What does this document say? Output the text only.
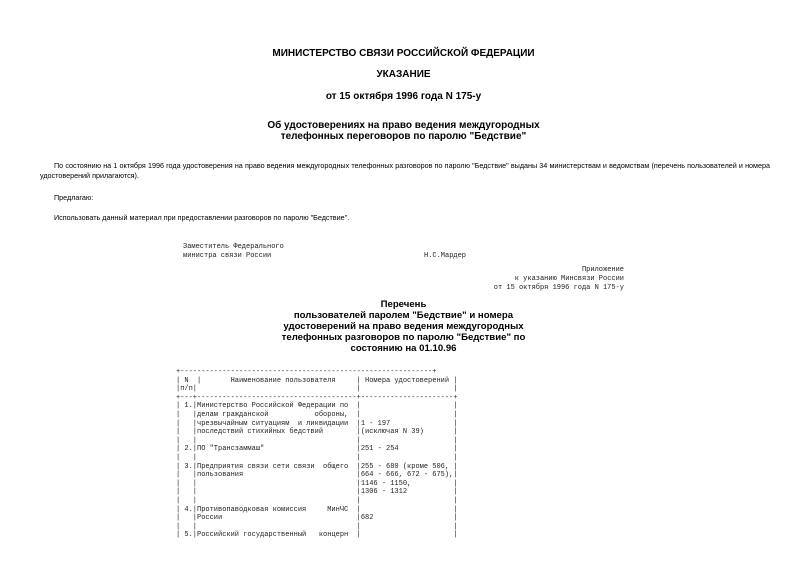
МИНИСТЕРСТВО СВЯЗИ РОССИЙСКОЙ ФЕДЕРАЦИИ
УКАЗАНИЕ
от 15 октября 1996 года N 175-у
Об удостоверениях на право ведения междугородных
телефонных переговоров по паролю "Бедствие"
По состоянию на 1 октября 1996 года удостоверения на право ведения междугородных телефонных разговоров по паролю "Бедствие" выданы 34 министерствам и ведомствам (перечень пользователей и номера удостоверений прилагаются).
Предлагаю:
Использовать данный материал при предоставлении разговоров по паролю "Бедствие".
Заместитель Федерального
министра связи России	Н.С.Мардер
Приложение
к указанию Минсвязи России
от 15 октября 1996 года N 175-у
Перечень
пользователей паролем "Бедствие" и номера
удостоверений на право ведения междугородных
телефонных разговоров по паролю "Бедствие" по
состоянию на 01.10.96
+------------------------------------------------------------+
| N  |       Наименование пользователя     | Номера удостоверений |
|п/п|                                      |                      |
+---+--------------------------------------+----------------------+
| 1.|Министерство Российской Федерации по  |                      |
|   |делам гражданской           обороны,  |                      |
|   |чрезвычайным ситуациям  и ликвидации  |1 - 197               |
|   |последствий стихийных бедствий        |(исключая N 39)       |
|   |                                      |                      |
| 2.|ПО "Трансзаммаш"                      |251 - 254             |
|   |                                      |                      |
| 3.|Предприятия связи сети связи  общего  |255 - 680 (кроме 506, |
|   |пользования                           |664 - 666, 672 - 675),|
|   |                                      |1146 - 1150,          |
|   |                                      |1306 - 1312           |
|   |                                      |                      |
| 4.|Противопаводковая комиссия     МинЧС  |                      |
|   |России                                |682                   |
|   |                                      |                      |
| 5.|Российский государственный   концерн  |                      |
